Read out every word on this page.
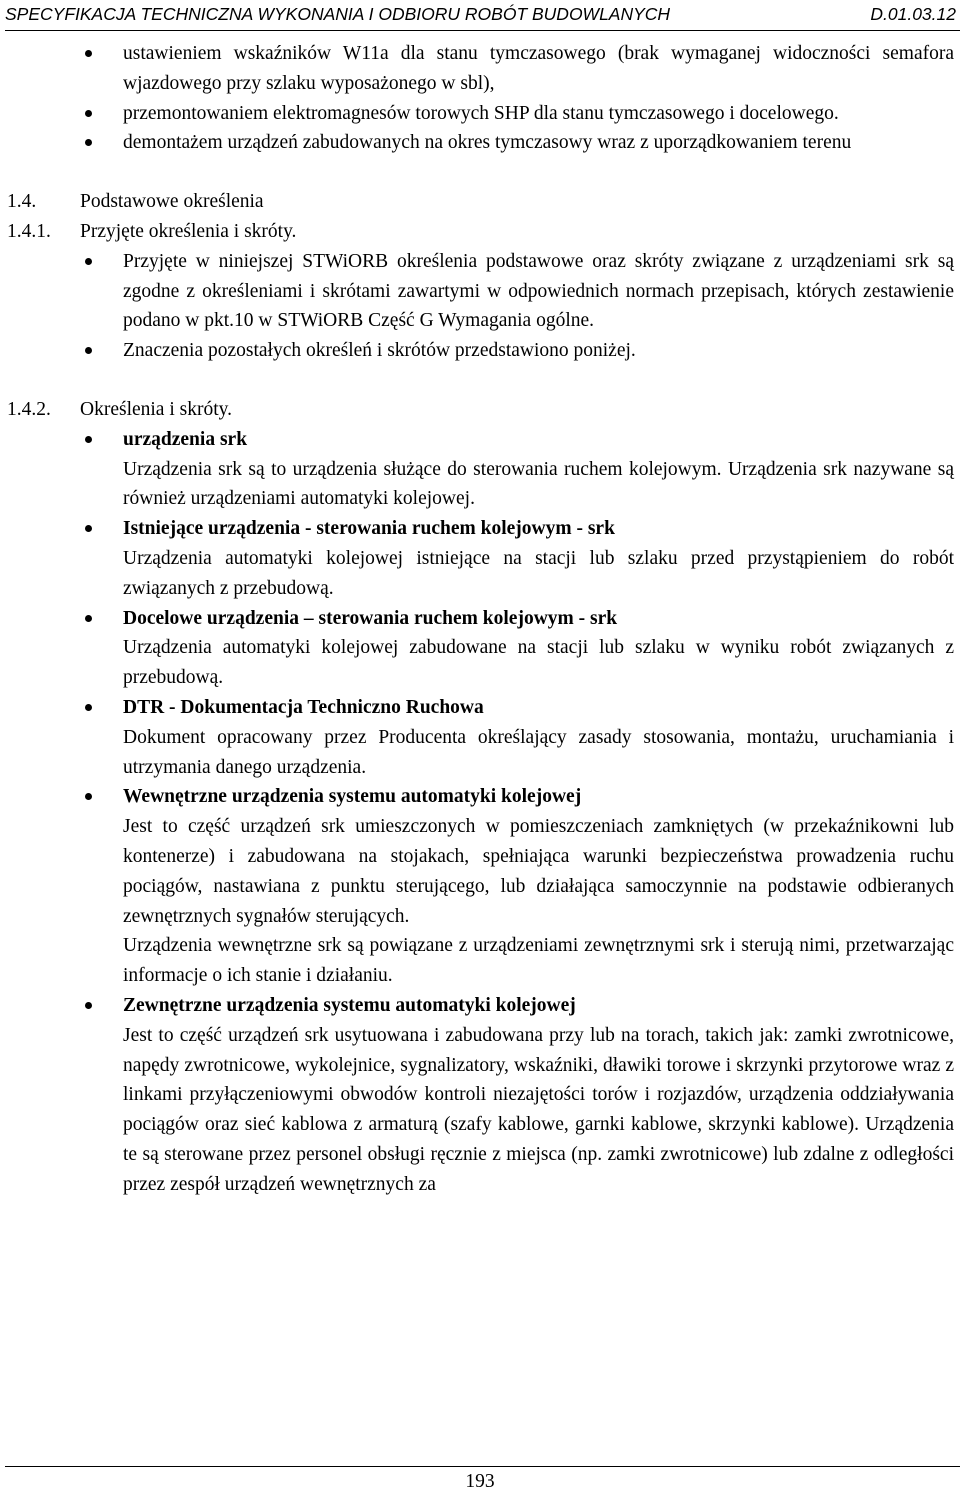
SPECYFIKACJA TECHNICZNA WYKONANIA I ODBIORU ROBÓT BUDOWLANYCH	D.01.03.12
ustawieniem wskaźników W11a dla stanu tymczasowego (brak wymaganej widoczności semafora wjazdowego przy szlaku wyposażonego w sbl),
przemontowaniem elektromagnesów torowych SHP dla stanu tymczasowego i docelowego.
demontażem urządzeń zabudowanych na okres tymczasowy wraz z uporządkowaniem terenu
1.4. Podstawowe określenia
1.4.1. Przyjęte określenia i skróty.
Przyjęte w niniejszej STWiORB określenia podstawowe oraz skróty związane z urządzeniami srk są zgodne z określeniami i skrótami zawartymi w odpowiednich normach przepisach, których zestawienie podano w pkt.10 w STWiORB Część G Wymagania ogólne.
Znaczenia pozostałych określeń i skrótów przedstawiono poniżej.
1.4.2. Określenia i skróty.
urządzenia srk
Urządzenia srk są to urządzenia służące do sterowania ruchem kolejowym. Urządzenia srk nazywane są również urządzeniami automatyki kolejowej.
Istniejące urządzenia - sterowania ruchem kolejowym - srk
Urządzenia automatyki kolejowej istniejące na stacji lub szlaku przed przystąpieniem do robót związanych z przebudową.
Docelowe urządzenia – sterowania ruchem kolejowym - srk
Urządzenia automatyki kolejowej zabudowane na stacji lub szlaku w wyniku robót związanych z przebudową.
DTR - Dokumentacja Techniczno Ruchowa
Dokument opracowany przez Producenta określający zasady stosowania, montażu, uruchamiania i utrzymania danego urządzenia.
Wewnętrzne urządzenia systemu automatyki kolejowej
Jest to część urządzeń srk umieszczonych w pomieszczeniach zamkniętych (w przekaźnikowni lub kontenerze) i zabudowana na stojakach, spełniająca warunki bezpieczeństwa prowadzenia ruchu pociągów, nastawiana z punktu sterującego, lub działająca samoczynnie na podstawie odbieranych zewnętrznych sygnałów sterujących.
Urządzenia wewnętrzne srk są powiązane z urządzeniami zewnętrznymi srk i sterują nimi, przetwarzając informacje o ich stanie i działaniu.
Zewnętrzne urządzenia systemu automatyki kolejowej
Jest to część urządzeń srk usytuowana i zabudowana przy lub na torach, takich jak: zamki zwrotnicowe, napędy zwrotnicowe, wykolejnice, sygnalizatory, wskaźniki, dławiki torowe i skrzynki przytorowe wraz z linkami przyłączeniowymi obwodów kontroli niezajętości torów i rozjazdów, urządzenia oddziaływania pociągów oraz sieć kablowa z armaturą (szafy kablowe, garnki kablowe, skrzynki kablowe). Urządzenia te są sterowane przez personel obsługi ręcznie z miejsca (np. zamki zwrotnicowe) lub zdalne z odległości przez zespół urządzeń wewnętrznych za
193
